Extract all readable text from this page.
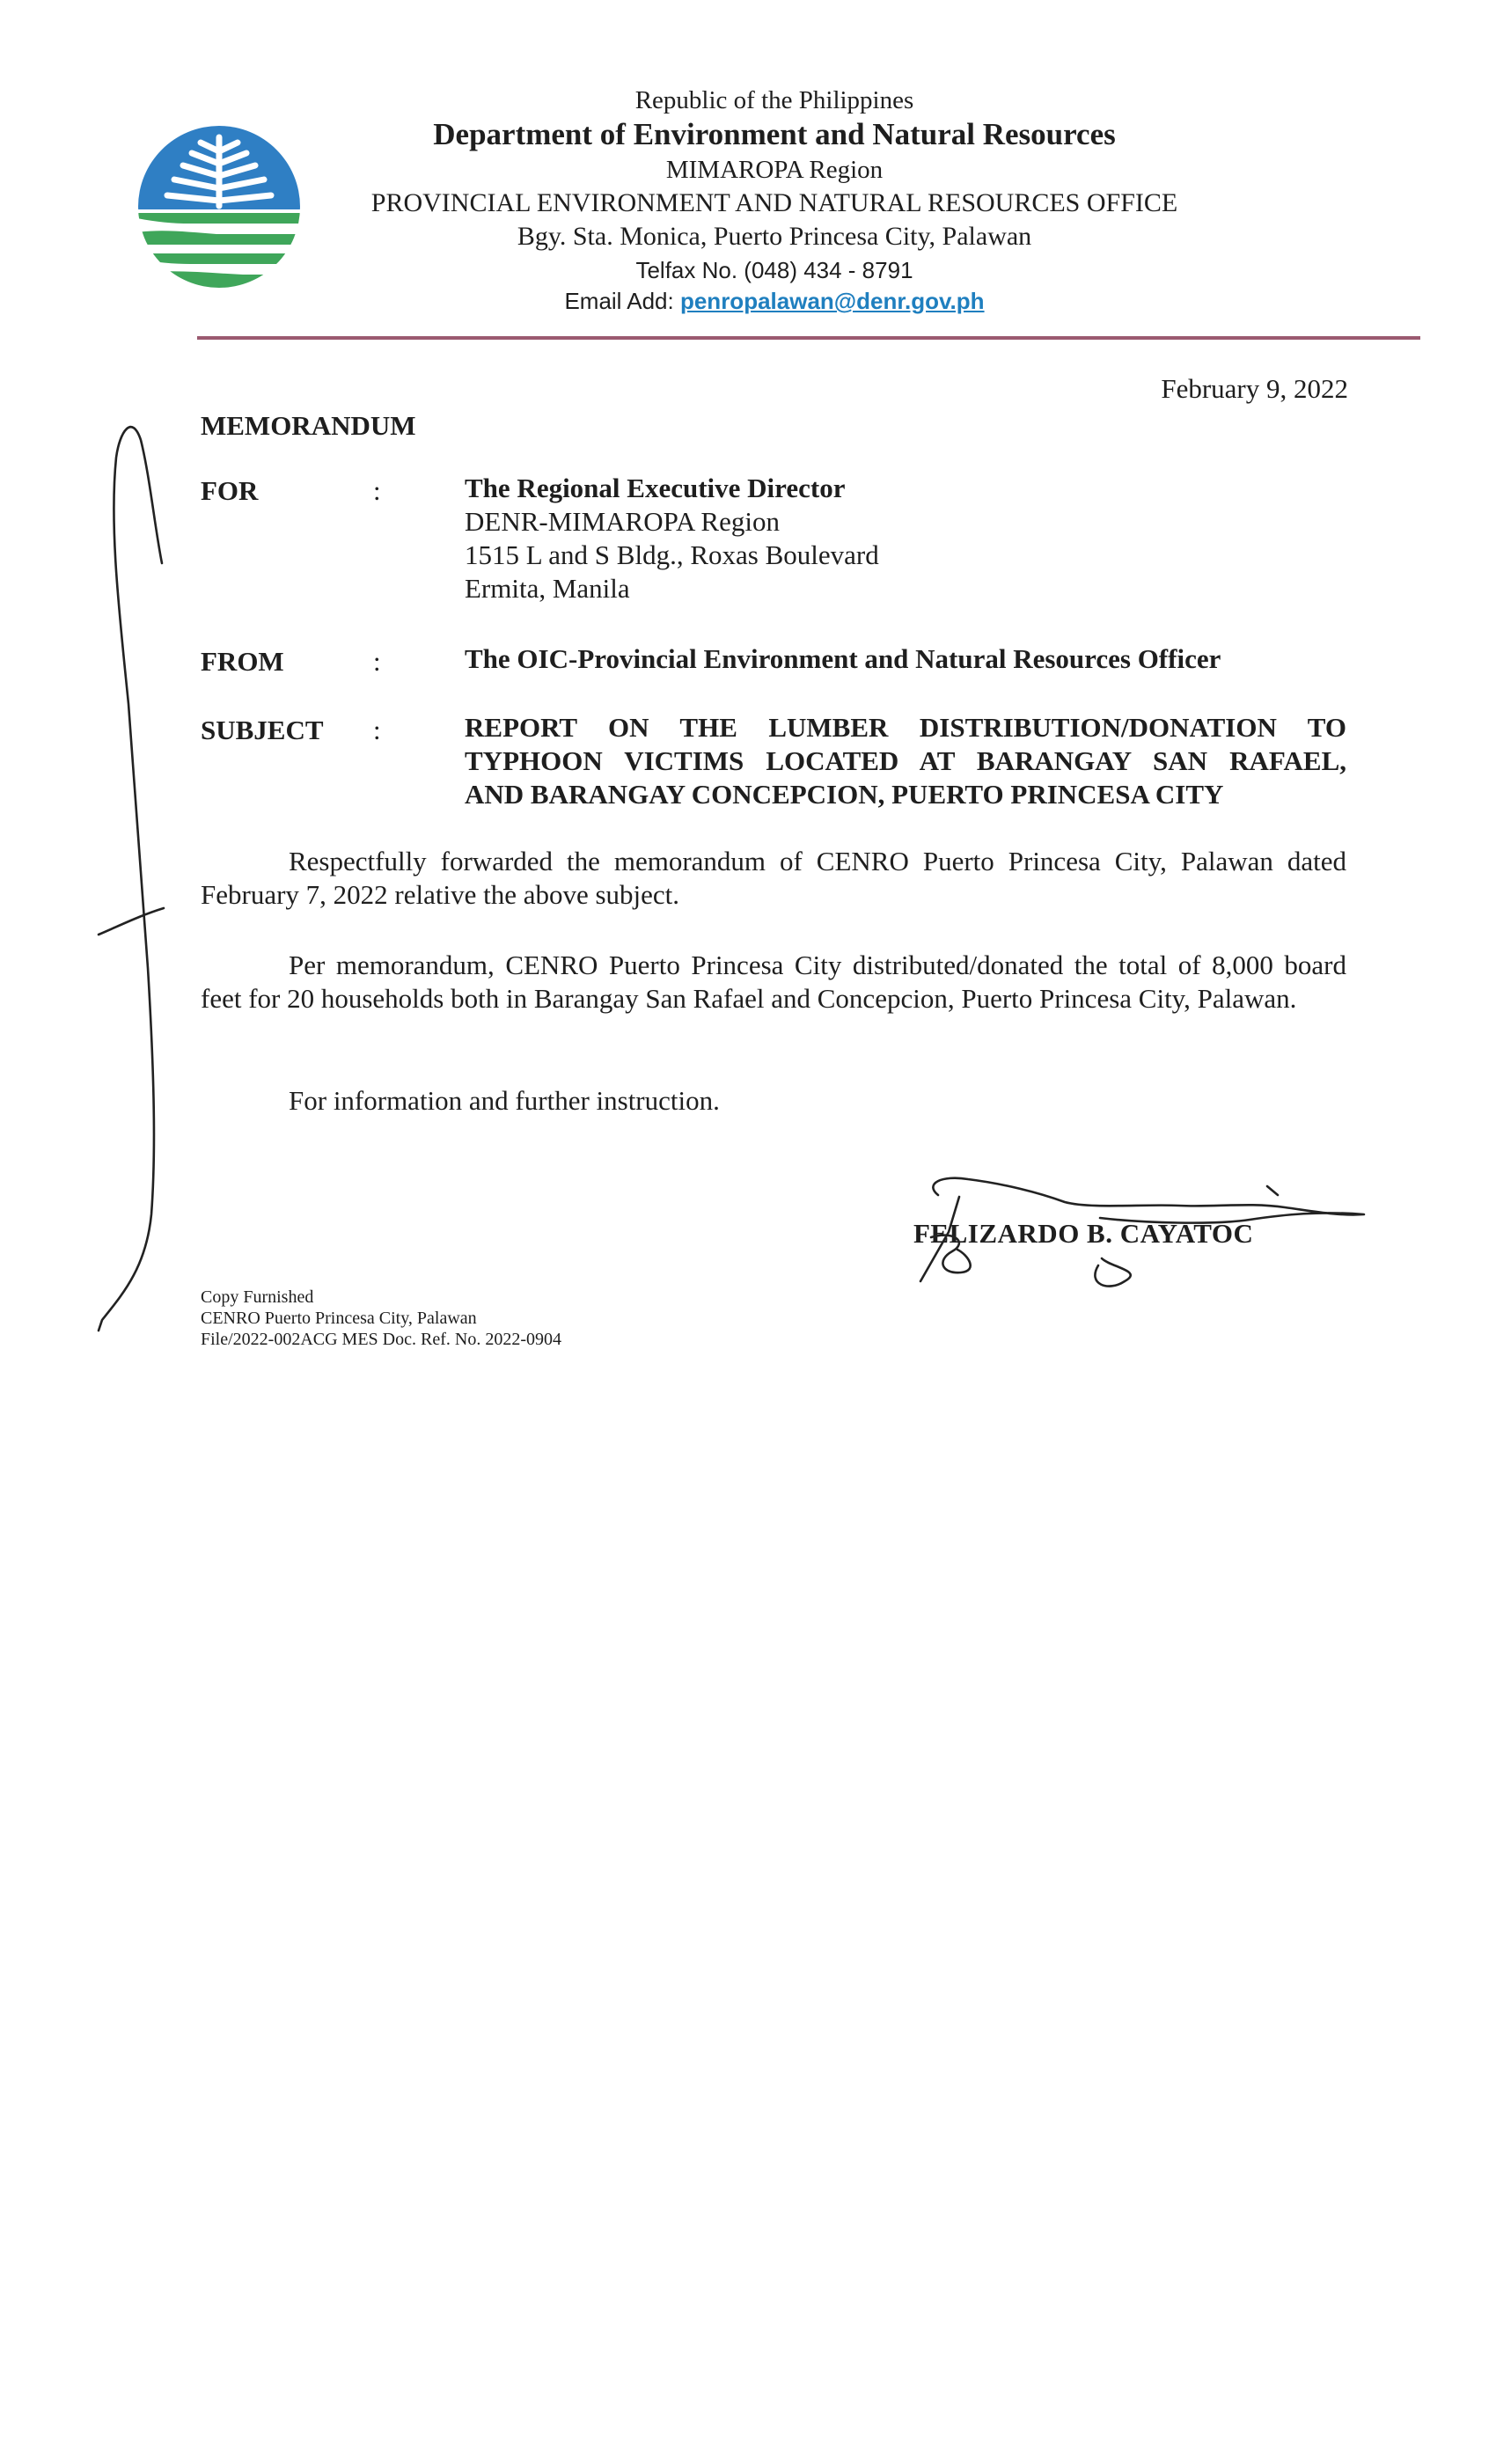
Republic of the Philippines
Department of Environment and Natural Resources
MIMAROPA Region
PROVINCIAL ENVIRONMENT AND NATURAL RESOURCES OFFICE
Bgy. Sta. Monica, Puerto Princesa City, Palawan
Telfax No. (048) 434 - 8791
Email Add: penropalawan@denr.gov.ph
February 9, 2022
MEMORANDUM
FOR	:	The Regional Executive Director
DENR-MIMAROPA Region
1515 L and S Bldg., Roxas Boulevard
Ermita, Manila
FROM	:	The OIC-Provincial Environment and Natural Resources Officer
SUBJECT :	REPORT ON THE LUMBER DISTRIBUTION/DONATION TO
TYPHOON VICTIMS LOCATED AT BARANGAY SAN RAFAEL,
AND BARANGAY CONCEPCION, PUERTO PRINCESA CITY

Respectfully forwarded the memorandum of CENRO Puerto Princesa City, Palawan dated February 7, 2022 relative the above subject.

Per memorandum, CENRO Puerto Princesa City distributed/donated the total of 8,000 board feet for 20 households both in Barangay San Rafael and Concepcion, Puerto Princesa City, Palawan.

For information and further instruction.

FELIZARDO B. CAYATOC
Copy Furnished
CENRO Puerto Princesa City, Palawan
File/2022-002ACG MES Doc. Ref. No. 2022-0904
